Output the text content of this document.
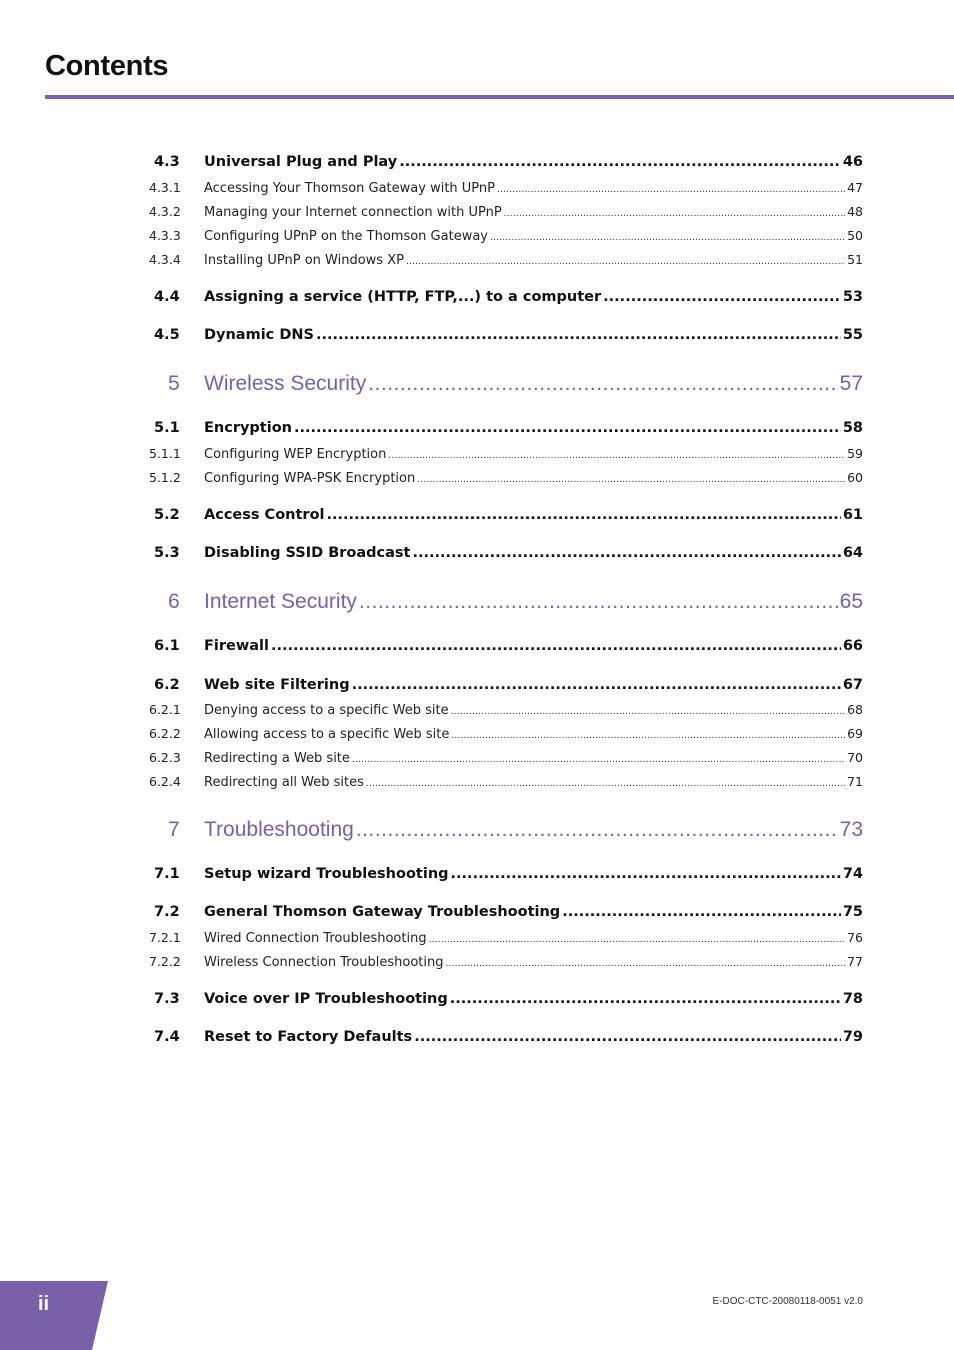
Contents
4.3	Universal Plug and Play .....	46
4.3.1	Accessing Your Thomson Gateway with UPnP .....	47
4.3.2	Managing your Internet connection with UPnP .....	48
4.3.3	Configuring UPnP on the Thomson Gateway .....	50
4.3.4	Installing UPnP on Windows XP .....	51
4.4	Assigning a service (HTTP, FTP,...) to a computer .....	53
4.5	Dynamic DNS .....	55
5	Wireless Security .....	57
5.1	Encryption .....	58
5.1.1	Configuring WEP Encryption .....	59
5.1.2	Configuring WPA-PSK Encryption .....	60
5.2	Access Control .....	61
5.3	Disabling SSID Broadcast .....	64
6	Internet Security .....	65
6.1	Firewall .....	66
6.2	Web site Filtering .....	67
6.2.1	Denying access to a specific Web site .....	68
6.2.2	Allowing access to a specific Web site .....	69
6.2.3	Redirecting a Web site .....	70
6.2.4	Redirecting all Web sites .....	71
7	Troubleshooting .....	73
7.1	Setup wizard Troubleshooting .....	74
7.2	General Thomson Gateway Troubleshooting .....	75
7.2.1	Wired Connection Troubleshooting .....	76
7.2.2	Wireless Connection Troubleshooting .....	77
7.3	Voice over IP Troubleshooting .....	78
7.4	Reset to Factory Defaults .....	79
ii	E-DOC-CTC-20080118-0051 v2.0
